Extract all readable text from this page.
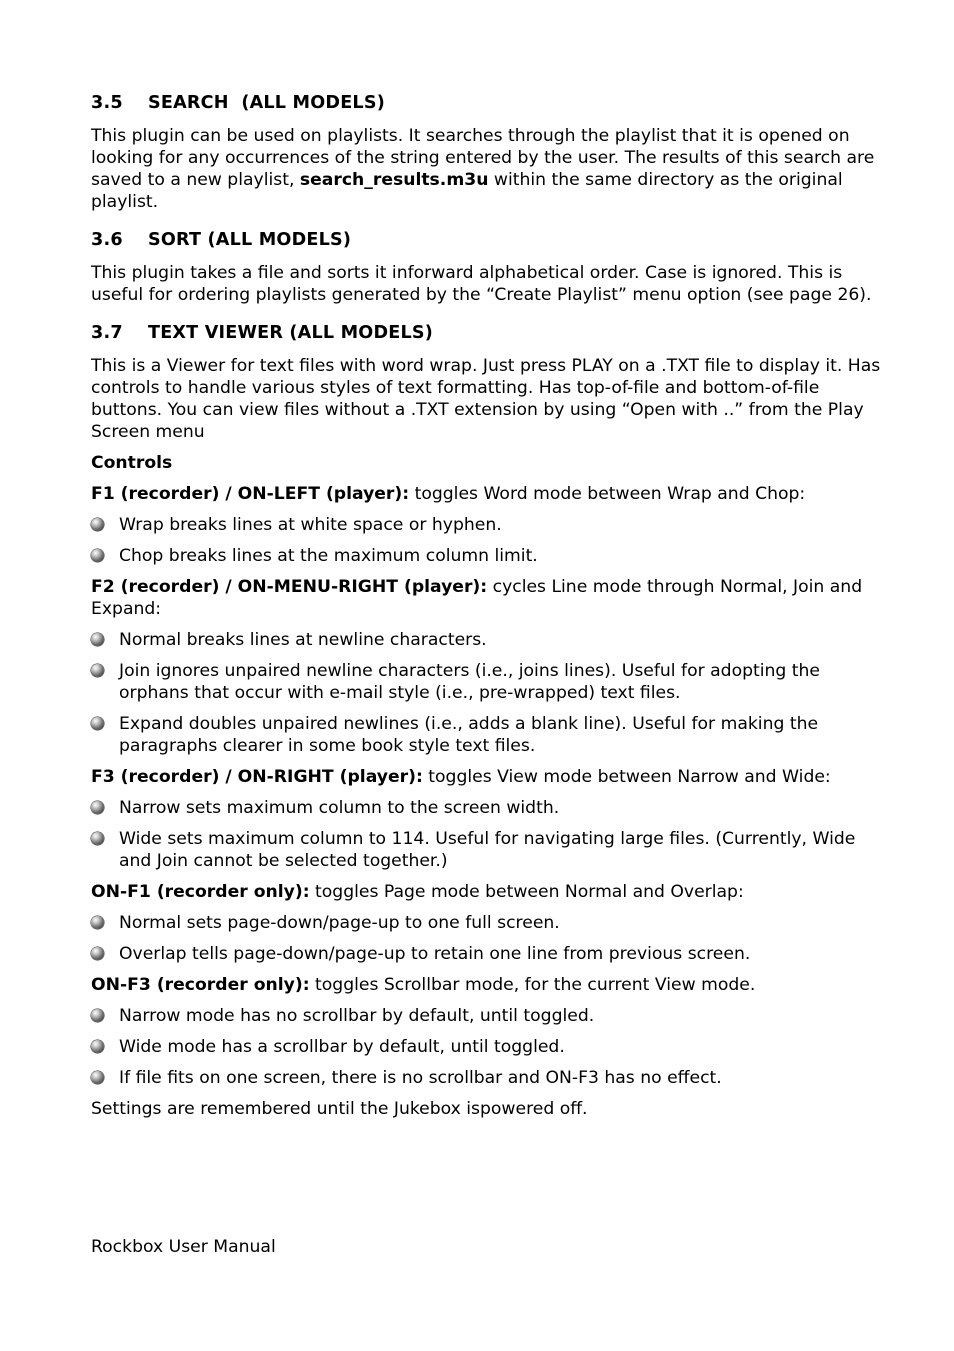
3.5 SEARCH  (ALL MODELS)

This plugin can be used on playlists. It searches through the playlist that it is opened on looking for any occurrences of the string entered by the user. The results of this search are saved to a new playlist, search_results.m3u within the same directory as the original playlist.

3.6 SORT (ALL MODELS)

This plugin takes a file and sorts it inforward alphabetical order. Case is ignored. This is useful for ordering playlists generated by the “Create Playlist” menu option (see page 26).

3.7 TEXT VIEWER (ALL MODELS)

This is a Viewer for text files with word wrap. Just press PLAY on a .TXT file to display it. Has controls to handle various styles of text formatting. Has top-of-file and bottom-of-file buttons. You can view files without a .TXT extension by using “Open with ..” from the Play Screen menu

Controls

F1 (recorder) / ON-LEFT (player): toggles Word mode between Wrap and Chop:

Wrap breaks lines at white space or hyphen.
Chop breaks lines at the maximum column limit.

F2 (recorder) / ON-MENU-RIGHT (player): cycles Line mode through Normal, Join and Expand:

Normal breaks lines at newline characters.
Join ignores unpaired newline characters (i.e., joins lines). Useful for adopting the orphans that occur with e-mail style (i.e., pre-wrapped) text files.
Expand doubles unpaired newlines (i.e., adds a blank line). Useful for making the paragraphs clearer in some book style text files.

F3 (recorder) / ON-RIGHT (player): toggles View mode between Narrow and Wide:

Narrow sets maximum column to the screen width.
Wide sets maximum column to 114. Useful for navigating large files. (Currently, Wide and Join cannot be selected together.)

ON-F1 (recorder only): toggles Page mode between Normal and Overlap:

Normal sets page-down/page-up to one full screen.
Overlap tells page-down/page-up to retain one line from previous screen.

ON-F3 (recorder only): toggles Scrollbar mode, for the current View mode.

Narrow mode has no scrollbar by default, until toggled.
Wide mode has a scrollbar by default, until toggled.
If file fits on one screen, there is no scrollbar and ON-F3 has no effect.

Settings are remembered until the Jukebox ispowered off.

Rockbox User Manual
